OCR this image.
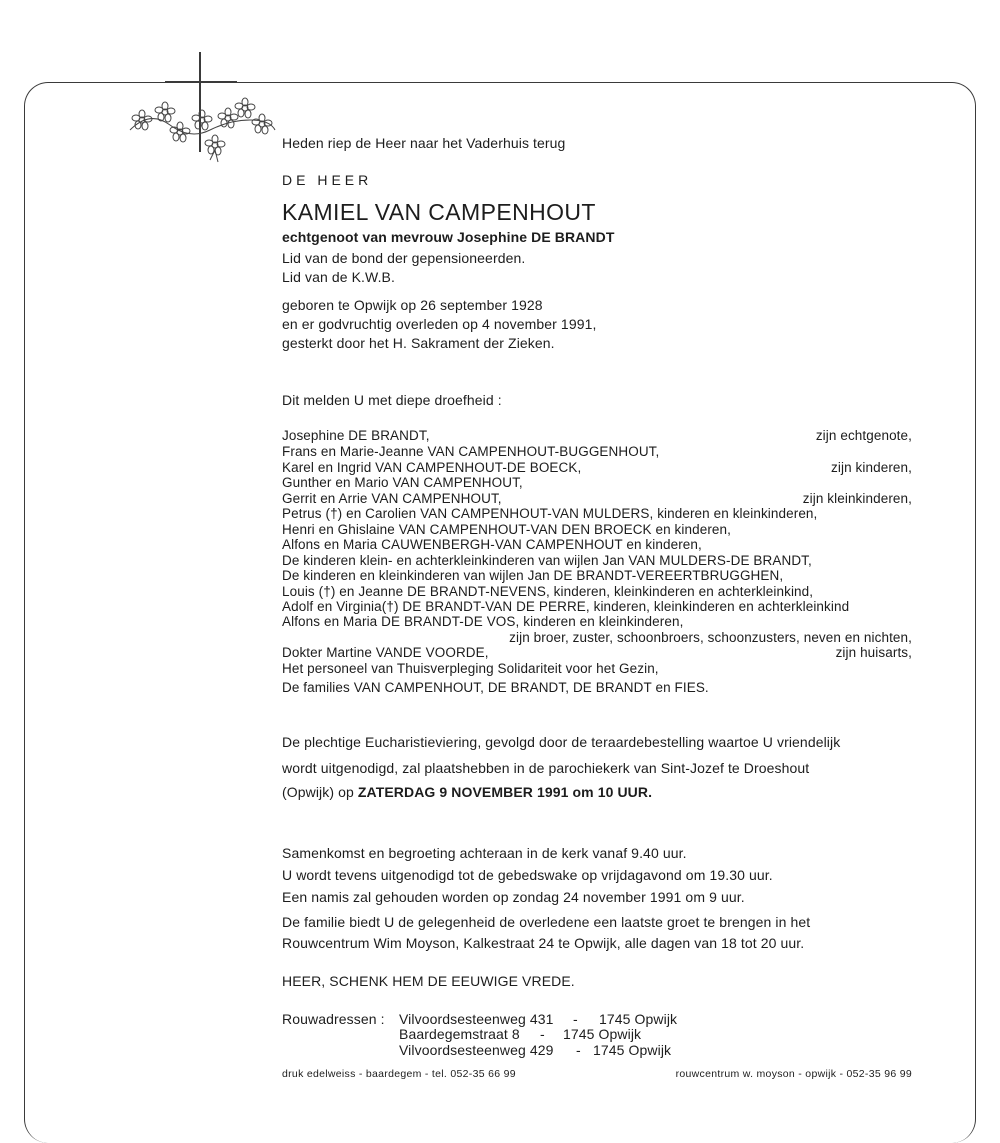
Heden riep de Heer naar het Vaderhuis terug
DE HEER
KAMIEL VAN CAMPENHOUT
echtgenoot van mevrouw Josephine DE BRANDT
Lid van de bond der gepensioneerden.
Lid van de K.W.B.
geboren te Opwijk op 26 september 1928
en er godvruchtig overleden op 4 november 1991,
gesterkt door het H. Sakrament der Zieken.
Dit melden U met diepe droefheid :
Josephine DE BRANDT,	zijn echtgenote,
Frans en Marie-Jeanne VAN CAMPENHOUT-BUGGENHOUT,
Karel en Ingrid VAN CAMPENHOUT-DE BOECK,	zijn kinderen,
Gunther en Mario VAN CAMPENHOUT,
Gerrit en Arrie VAN CAMPENHOUT,	zijn kleinkinderen,
Petrus (†) en Carolien VAN CAMPENHOUT-VAN MULDERS, kinderen en kleinkinderen,
Henri en Ghislaine VAN CAMPENHOUT-VAN DEN BROECK en kinderen,
Alfons en Maria CAUWENBERGH-VAN CAMPENHOUT en kinderen,
De kinderen klein- en achterkleinkinderen van wijlen Jan VAN MULDERS-DE BRANDT,
De kinderen en kleinkinderen van wijlen Jan DE BRANDT-VEREERTBRUGGHEN,
Louis (†) en Jeanne DE BRANDT-NEVENS, kinderen, kleinkinderen en achterkleinkind,
Adolf en Virginia(†) DE BRANDT-VAN DE PERRE, kinderen, kleinkinderen en achterkleinkind
Alfons en Maria DE BRANDT-DE VOS, kinderen en kleinkinderen,
zijn broer, zuster, schoonbroers, schoonzusters, neven en nichten,
Dokter Martine VANDE VOORDE,	zijn huisarts,
Het personeel van Thuisverpleging Solidariteit voor het Gezin,
De families VAN CAMPENHOUT, DE BRANDT, DE BRANDT en FIES.
De plechtige Eucharistieviering, gevolgd door de teraardebestelling waartoe U vriendelijk
wordt uitgenodigd, zal plaatshebben in de parochiekerk van Sint-Jozef te Droeshout
(Opwijk) op ZATERDAG 9 NOVEMBER 1991 om 10 UUR.
Samenkomst en begroeting achteraan in de kerk vanaf 9.40 uur.
U wordt tevens uitgenodigd tot de gebedswake op vrijdagavond om 19.30 uur.
Een namis zal gehouden worden op zondag 24 november 1991 om 9 uur.
De familie biedt U de gelegenheid de overledene een laatste groet te brengen in het
Rouwcentrum Wim Moyson, Kalkestraat 24 te Opwijk, alle dagen van 18 tot 20 uur.
HEER, SCHENK HEM DE EEUWIGE VREDE.
Rouwadressen : Vilvoordsesteenweg 431 - 1745 Opwijk
Baardegemstraat 8 - 1745 Opwijk
Vilvoordsesteenweg 429 - 1745 Opwijk
druk edelweiss - baardegem - tel. 052-35 66 99	rouwcentrum w. moyson - opwijk - 052-35 96 99
